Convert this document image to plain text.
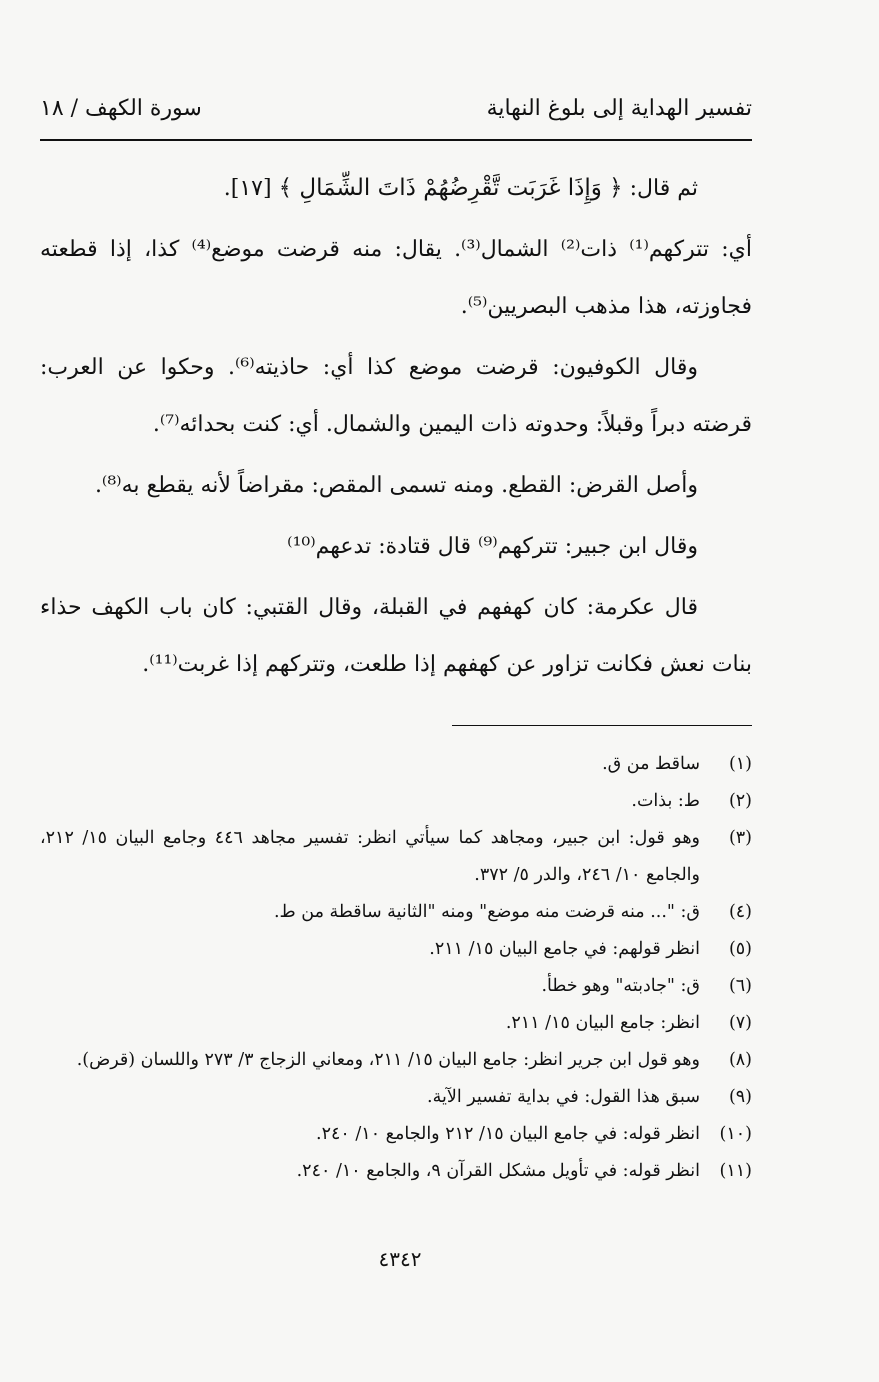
تفسير الهداية إلى بلوغ النهاية
سورة الكهف / ١٨

ثم قال: ﴿ وَإِذَا غَرَبَت تَّقْرِضُهُمْ ذَاتَ الشِّمَالِ ﴾ [١٧].

أي: تتركهم⁽¹⁾ ذات⁽²⁾ الشمال⁽³⁾. يقال: منه قرضت موضع⁽⁴⁾ كذا، إذا قطعته فجاوزته، هذا مذهب البصريين⁽⁵⁾.

وقال الكوفيون: قرضت موضع كذا أي: حاذيته⁽⁶⁾. وحكوا عن العرب: قرضته دبراً وقبلاً: وحدوته ذات اليمين والشمال. أي: كنت بحدائه⁽⁷⁾.

وأصل القرض: القطع. ومنه تسمى المقص: مقراضاً لأنه يقطع به⁽⁸⁾.

وقال ابن جبير: تتركهم⁽⁹⁾ قال قتادة: تدعهم⁽¹⁰⁾

قال عكرمة: كان كهفهم في القبلة، وقال القتبي: كان باب الكهف حذاء بنات نعش فكانت تزاور عن كهفهم إذا طلعت، وتتركهم إذا غربت⁽¹¹⁾.

(١)
ساقط من ق.
(٢)
ط: بذات.
(٣)
وهو قول: ابن جبير، ومجاهد كما سيأتي انظر: تفسير مجاهد ٤٤٦ وجامع البيان ١٥/ ٢١٢، والجامع ١٠/ ٢٤٦، والدر ٥/ ٣٧٢.
(٤)
ق: "... منه قرضت منه موضع" ومنه "الثانية ساقطة من ط.
(٥)
انظر قولهم: في جامع البيان ١٥/ ٢١١.
(٦)
ق: "جادبته" وهو خطأ.
(٧)
انظر: جامع البيان ١٥/ ٢١١.
(٨)
وهو قول ابن جرير انظر: جامع البيان ١٥/ ٢١١، ومعاني الزجاج ٣/ ٢٧٣ واللسان (قرض).
(٩)
سبق هذا القول: في بداية تفسير الآية.
(١٠)
انظر قوله: في جامع البيان ١٥/ ٢١٢ والجامع ١٠/ ٢٤٠.
(١١)
انظر قوله: في تأويل مشكل القرآن ٩، والجامع ١٠/ ٢٤٠.
٤٣٤٢
